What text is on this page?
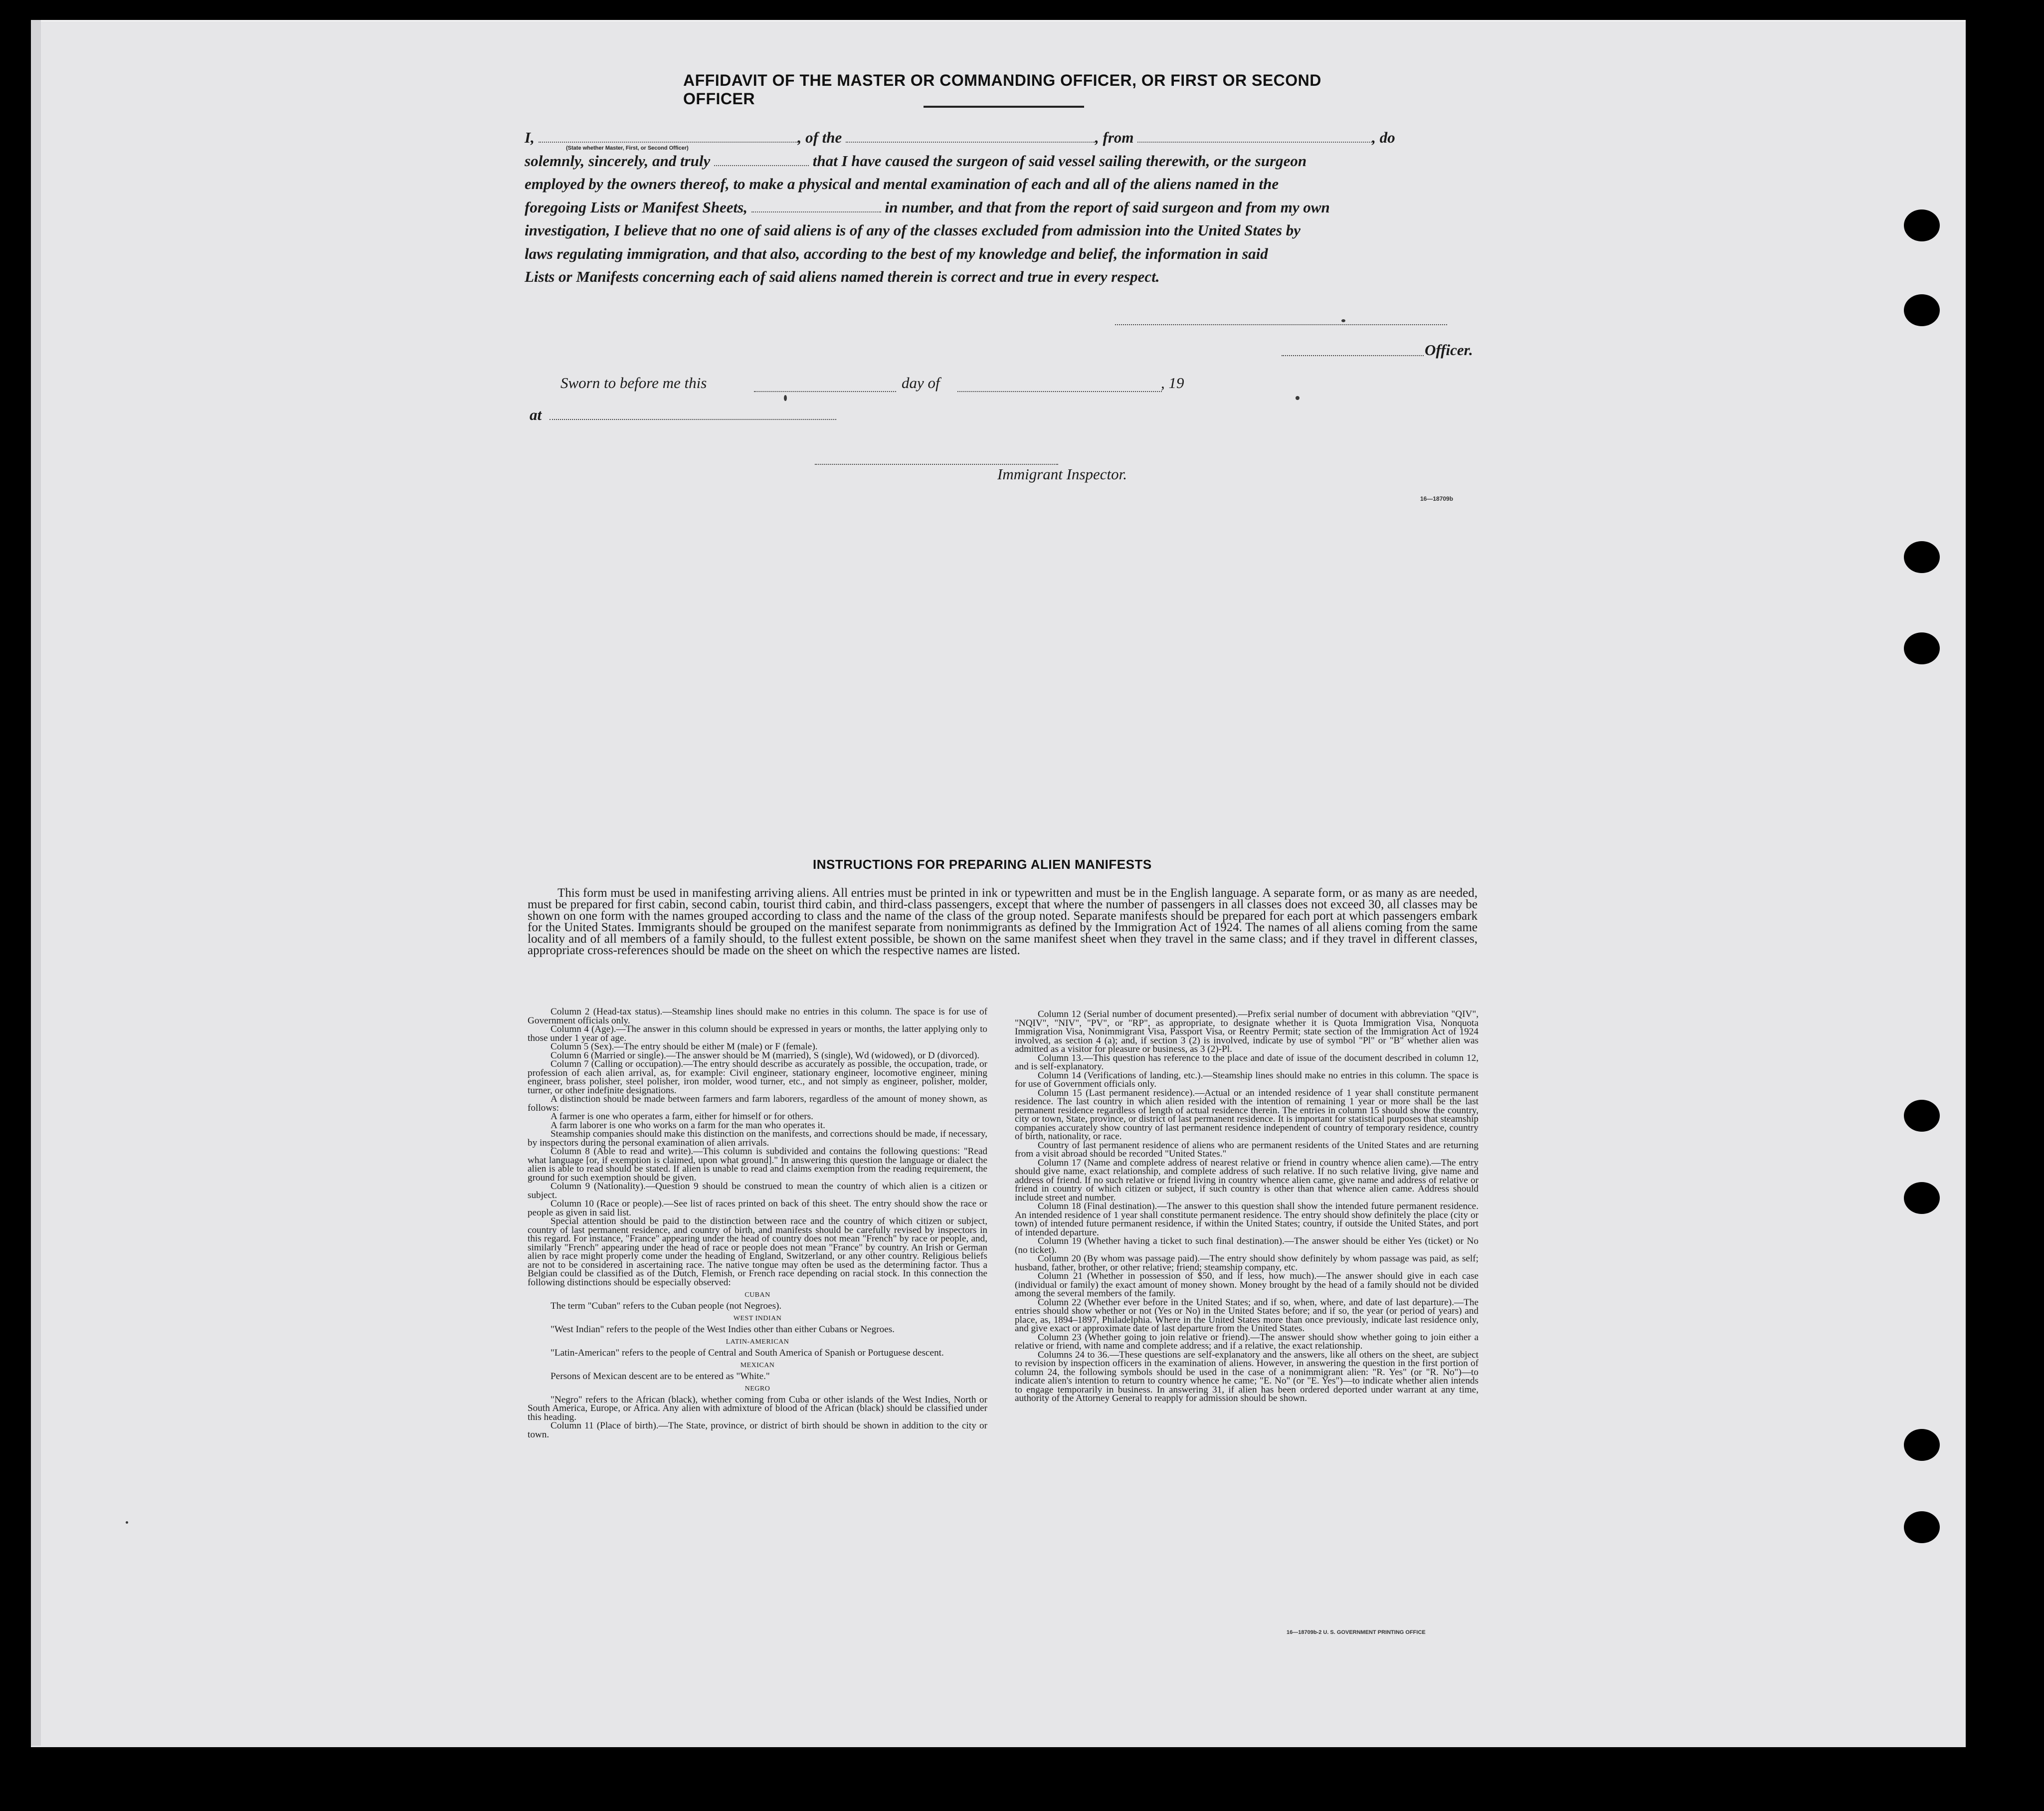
AFFIDAVIT OF THE MASTER OR COMMANDING OFFICER, OR FIRST OR SECOND OFFICER

I,	, of the	, from	, do

solemnly, sincerely, and truly	that I have caused the surgeon of said vessel sailing therewith, or the surgeon

employed by the owners thereof, to make a physical and mental examination of each and all of the aliens named in the

foregoing Lists or Manifest Sheets,	in number, and that from the report of said surgeon and from my own

investigation, I believe that no one of said aliens is of any of the classes excluded from admission into the United States by

laws regulating immigration, and that also, according to the best of my knowledge and belief, the information in said

Lists or Manifests concerning each of said aliens named therein is correct and true in every respect.

(State whether Master, First, or Second Officer)
Officer.
Sworn to before me this	day of	, 19
at
Immigrant Inspector.
16—18709b
INSTRUCTIONS FOR PREPARING ALIEN MANIFESTS
This form must be used in manifesting arriving aliens. All entries must be printed in ink or typewritten and must be in the English language. A separate form, or as many as are needed, must be prepared for first cabin, second cabin, tourist third cabin, and third-class passengers, except that where the number of passengers in all classes does not exceed 30, all classes may be shown on one form with the names grouped according to class and the name of the class of the group noted. Separate manifests should be prepared for each port at which passengers embark for the United States. Immigrants should be grouped on the manifest separate from nonimmigrants as defined by the Immigration Act of 1924. The names of all aliens coming from the same locality and of all members of a family should, to the fullest extent possible, be shown on the same manifest sheet when they travel in the same class; and if they travel in different classes, appropriate cross-references should be made on the sheet on which the respective names are listed.

Column 2 (Head-tax status).—Steamship lines should make no entries in this column. The space is for use of Government officials only.

Column 4 (Age).—The answer in this column should be expressed in years or months, the latter applying only to those under 1 year of age.

Column 5 (Sex).—The entry should be either M (male) or F (female).

Column 6 (Married or single).—The answer should be M (married), S (single), Wd (widowed), or D (divorced).

Column 7 (Calling or occupation).—The entry should describe as accurately as possible, the occupation, trade, or profession of each alien arrival, as, for example: Civil engineer, stationary engineer, locomotive engineer, mining engineer, brass polisher, steel polisher, iron molder, wood turner, etc., and not simply as engineer, polisher, molder, turner, or other indefinite designations.

A distinction should be made between farmers and farm laborers, regardless of the amount of money shown, as follows:

A farmer is one who operates a farm, either for himself or for others.

A farm laborer is one who works on a farm for the man who operates it.

Steamship companies should make this distinction on the manifests, and corrections should be made, if necessary, by inspectors during the personal examination of alien arrivals.

Column 8 (Able to read and write).—This column is subdivided and contains the following questions: "Read what language [or, if exemption is claimed, upon what ground]." In answering this question the language or dialect the alien is able to read should be stated. If alien is unable to read and claims exemption from the reading requirement, the ground for such exemption should be given.

Column 9 (Nationality).—Question 9 should be construed to mean the country of which alien is a citizen or subject.

Column 10 (Race or people).—See list of races printed on back of this sheet. The entry should show the race or people as given in said list.

Special attention should be paid to the distinction between race and the country of which citizen or subject, country of last permanent residence, and country of birth, and manifests should be carefully revised by inspectors in this regard. For instance, "France" appearing under the head of country does not mean "French" by race or people, and, similarly "French" appearing under the head of race or people does not mean "France" by country. An Irish or German alien by race might properly come under the heading of England, Switzerland, or any other country. Religious beliefs are not to be considered in ascertaining race. The native tongue may often be used as the determining factor. Thus a Belgian could be classified as of the Dutch, Flemish, or French race depending on racial stock. In this connection the following distinctions should be especially observed:

CUBAN

The term "Cuban" refers to the Cuban people (not Negroes).

WEST INDIAN

"West Indian" refers to the people of the West Indies other than either Cubans or Negroes.

LATIN-AMERICAN

"Latin-American" refers to the people of Central and South America of Spanish or Portuguese descent.

MEXICAN

Persons of Mexican descent are to be entered as "White."

NEGRO

"Negro" refers to the African (black), whether coming from Cuba or other islands of the West Indies, North or South America, Europe, or Africa. Any alien with admixture of blood of the African (black) should be classified under this heading.

Column 11 (Place of birth).—The State, province, or district of birth should be shown in addition to the city or town.

Column 12 (Serial number of document presented).—Prefix serial number of document with abbreviation "QIV", "NQIV", "NIV", "PV", or "RP", as appropriate, to designate whether it is Quota Immigration Visa, Nonquota Immigration Visa, Nonimmigrant Visa, Passport Visa, or Reentry Permit; state section of the Immigration Act of 1924 involved, as section 4 (a); and, if section 3 (2) is involved, indicate by use of symbol "Pl" or "B" whether alien was admitted as a visitor for pleasure or business, as 3 (2)-Pl.

Column 13.—This question has reference to the place and date of issue of the document described in column 12, and is self-explanatory.

Column 14 (Verifications of landing, etc.).—Steamship lines should make no entries in this column. The space is for use of Government officials only.

Column 15 (Last permanent residence).—Actual or an intended residence of 1 year shall constitute permanent residence. The last country in which alien resided with the intention of remaining 1 year or more shall be the last permanent residence regardless of length of actual residence therein. The entries in column 15 should show the country, city or town, State, province, or district of last permanent residence. It is important for statistical purposes that steamship companies accurately show country of last permanent residence independent of country of temporary residence, country of birth, nationality, or race.

Country of last permanent residence of aliens who are permanent residents of the United States and are returning from a visit abroad should be recorded "United States."

Column 17 (Name and complete address of nearest relative or friend in country whence alien came).—The entry should give name, exact relationship, and complete address of such relative. If no such relative living, give name and address of friend. If no such relative or friend living in country whence alien came, give name and address of relative or friend in country of which citizen or subject, if such country is other than that whence alien came. Address should include street and number.

Column 18 (Final destination).—The answer to this question shall show the intended future permanent residence. An intended residence of 1 year shall constitute permanent residence. The entry should show definitely the place (city or town) of intended future permanent residence, if within the United States; country, if outside the United States, and port of intended departure.

Column 19 (Whether having a ticket to such final destination).—The answer should be either Yes (ticket) or No (no ticket).

Column 20 (By whom was passage paid).—The entry should show definitely by whom passage was paid, as self; husband, father, brother, or other relative; friend; steamship company, etc.

Column 21 (Whether in possession of $50, and if less, how much).—The answer should give in each case (individual or family) the exact amount of money shown. Money brought by the head of a family should not be divided among the several members of the family.

Column 22 (Whether ever before in the United States; and if so, when, where, and date of last departure).—The entries should show whether or not (Yes or No) in the United States before; and if so, the year (or period of years) and place, as, 1894–1897, Philadelphia. Where in the United States more than once previously, indicate last residence only, and give exact or approximate date of last departure from the United States.

Column 23 (Whether going to join relative or friend).—The answer should show whether going to join either a relative or friend, with name and complete address; and if a relative, the exact relationship.

Columns 24 to 36.—These questions are self-explanatory and the answers, like all others on the sheet, are subject to revision by inspection officers in the examination of aliens. However, in answering the question in the first portion of column 24, the following symbols should be used in the case of a nonimmigrant alien: "R. Yes" (or "R. No")—to indicate alien's intention to return to country whence he came; "E. No" (or "E. Yes")—to indicate whether alien intends to engage temporarily in business. In answering 31, if alien has been ordered deported under warrant at any time, authority of the Attorney General to reapply for admission should be shown.

16—18709b-2 U. S. GOVERNMENT PRINTING OFFICE
